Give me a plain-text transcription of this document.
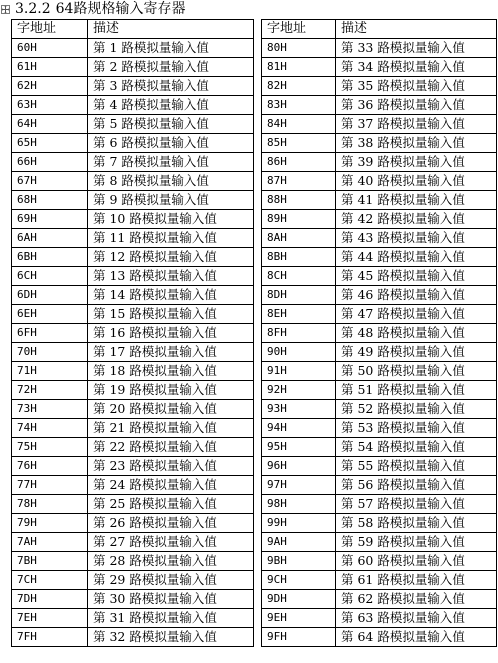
3.2.2 64路规格输入寄存器
字地址	描述		字地址	描述
60H	第 1 路模拟量输入值		80H	第 33 路模拟量输入值
61H	第 2 路模拟量输入值		81H	第 34 路模拟量输入值
62H	第 3 路模拟量输入值		82H	第 35 路模拟量输入值
63H	第 4 路模拟量输入值		83H	第 36 路模拟量输入值
64H	第 5 路模拟量输入值		84H	第 37 路模拟量输入值
65H	第 6 路模拟量输入值		85H	第 38 路模拟量输入值
66H	第 7 路模拟量输入值		86H	第 39 路模拟量输入值
67H	第 8 路模拟量输入值		87H	第 40 路模拟量输入值
68H	第 9 路模拟量输入值		88H	第 41 路模拟量输入值
69H	第 10 路模拟量输入值		89H	第 42 路模拟量输入值
6AH	第 11 路模拟量输入值		8AH	第 43 路模拟量输入值
6BH	第 12 路模拟量输入值		8BH	第 44 路模拟量输入值
6CH	第 13 路模拟量输入值		8CH	第 45 路模拟量输入值
6DH	第 14 路模拟量输入值		8DH	第 46 路模拟量输入值
6EH	第 15 路模拟量输入值		8EH	第 47 路模拟量输入值
6FH	第 16 路模拟量输入值		8FH	第 48 路模拟量输入值
70H	第 17 路模拟量输入值		90H	第 49 路模拟量输入值
71H	第 18 路模拟量输入值		91H	第 50 路模拟量输入值
72H	第 19 路模拟量输入值		92H	第 51 路模拟量输入值
73H	第 20 路模拟量输入值		93H	第 52 路模拟量输入值
74H	第 21 路模拟量输入值		94H	第 53 路模拟量输入值
75H	第 22 路模拟量输入值		95H	第 54 路模拟量输入值
76H	第 23 路模拟量输入值		96H	第 55 路模拟量输入值
77H	第 24 路模拟量输入值		97H	第 56 路模拟量输入值
78H	第 25 路模拟量输入值		98H	第 57 路模拟量输入值
79H	第 26 路模拟量输入值		99H	第 58 路模拟量输入值
7AH	第 27 路模拟量输入值		9AH	第 59 路模拟量输入值
7BH	第 28 路模拟量输入值		9BH	第 60 路模拟量输入值
7CH	第 29 路模拟量输入值		9CH	第 61 路模拟量输入值
7DH	第 30 路模拟量输入值		9DH	第 62 路模拟量输入值
7EH	第 31 路模拟量输入值		9EH	第 63 路模拟量输入值
7FH	第 32 路模拟量输入值		9FH	第 64 路模拟量输入值
